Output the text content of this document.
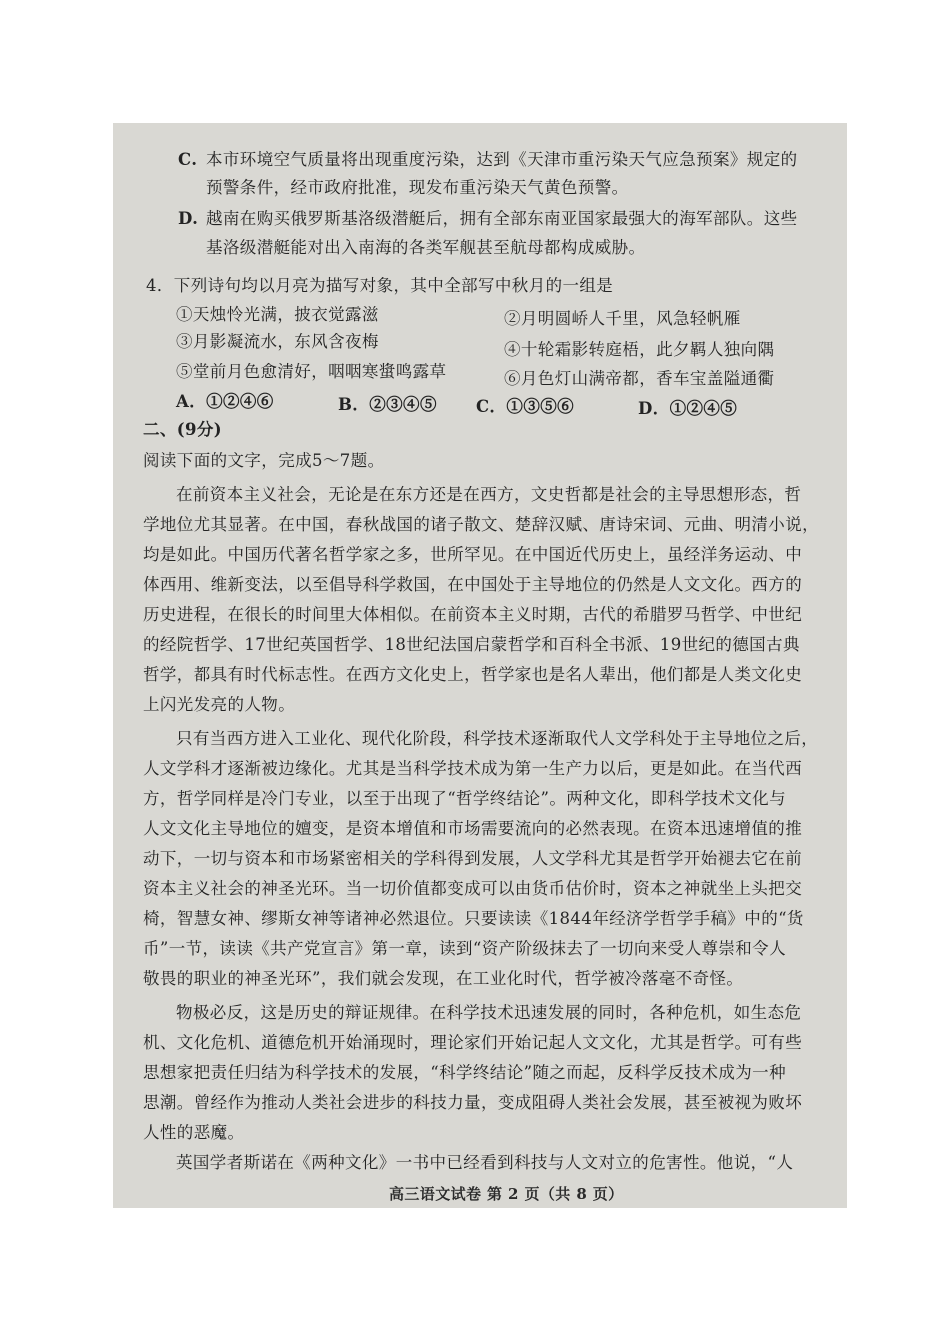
C. 本市环境空气质量将出现重度污染，达到《天津市重污染天气应急预案》规定的
预警条件，经市政府批准，现发布重污染天气黄色预警。
D. 越南在购买俄罗斯基洛级潜艇后，拥有全部东南亚国家最强大的海军部队。这些
基洛级潜艇能对出入南海的各类军舰甚至航母都构成威胁。
4．下列诗句均以月亮为描写对象，其中全部写中秋月的一组是
①天烛怜光满，披衣觉露滋	②月明圆峤人千里，风急轻帆雁
③月影凝流水，东风含夜梅	④十轮霜影转庭梧，此夕羁人独向隅
⑤堂前月色愈清好，咽咽寒螀鸣露草	⑥月色灯山满帝都，香车宝盖隘通衢
A．①②④⑥	B．②③④⑤ C．①③⑤⑥	D．①②④⑤
二、(9分)
阅读下面的文字，完成5～7题。
在前资本主义社会，无论是在东方还是在西方，文史哲都是社会的主导思想形态，哲
学地位尤其显著。在中国，春秋战国的诸子散文、楚辞汉赋、唐诗宋词、元曲、明清小说，
均是如此。中国历代著名哲学家之多，世所罕见。在中国近代历史上，虽经洋务运动、中
体西用、维新变法，以至倡导科学救国，在中国处于主导地位的仍然是人文文化。西方的
历史进程，在很长的时间里大体相似。在前资本主义时期，古代的希腊罗马哲学、中世纪
的经院哲学、17世纪英国哲学、18世纪法国启蒙哲学和百科全书派、19世纪的德国古典
哲学，都具有时代标志性。在西方文化史上，哲学家也是名人辈出，他们都是人类文化史
上闪光发亮的人物。
只有当西方进入工业化、现代化阶段，科学技术逐渐取代人文学科处于主导地位之后，
人文学科才逐渐被边缘化。尤其是当科学技术成为第一生产力以后，更是如此。在当代西
方，哲学同样是冷门专业，以至于出现了“哲学终结论”。两种文化，即科学技术文化与
人文文化主导地位的嬗变，是资本增值和市场需要流向的必然表现。在资本迅速增值的推
动下，一切与资本和市场紧密相关的学科得到发展，人文学科尤其是哲学开始褪去它在前
资本主义社会的神圣光环。当一切价值都变成可以由货币估价时，资本之神就坐上头把交
椅，智慧女神、缪斯女神等诸神必然退位。只要读读《1844年经济学哲学手稿》中的“货
币”一节，读读《共产党宣言》第一章，读到“资产阶级抹去了一切向来受人尊崇和令人
敬畏的职业的神圣光环”，我们就会发现，在工业化时代，哲学被冷落毫不奇怪。
物极必反，这是历史的辩证规律。在科学技术迅速发展的同时，各种危机，如生态危
机、文化危机、道德危机开始涌现时，理论家们开始记起人文文化，尤其是哲学。可有些
思想家把责任归结为科学技术的发展，“科学终结论”随之而起，反科学反技术成为一种
思潮。曾经作为推动人类社会进步的科技力量，变成阻碍人类社会发展，甚至被视为败坏
人性的恶魔。
英国学者斯诺在《两种文化》一书中已经看到科技与人文对立的危害性。他说，“人
高三语文试卷 第 2 页（共 8 页）
